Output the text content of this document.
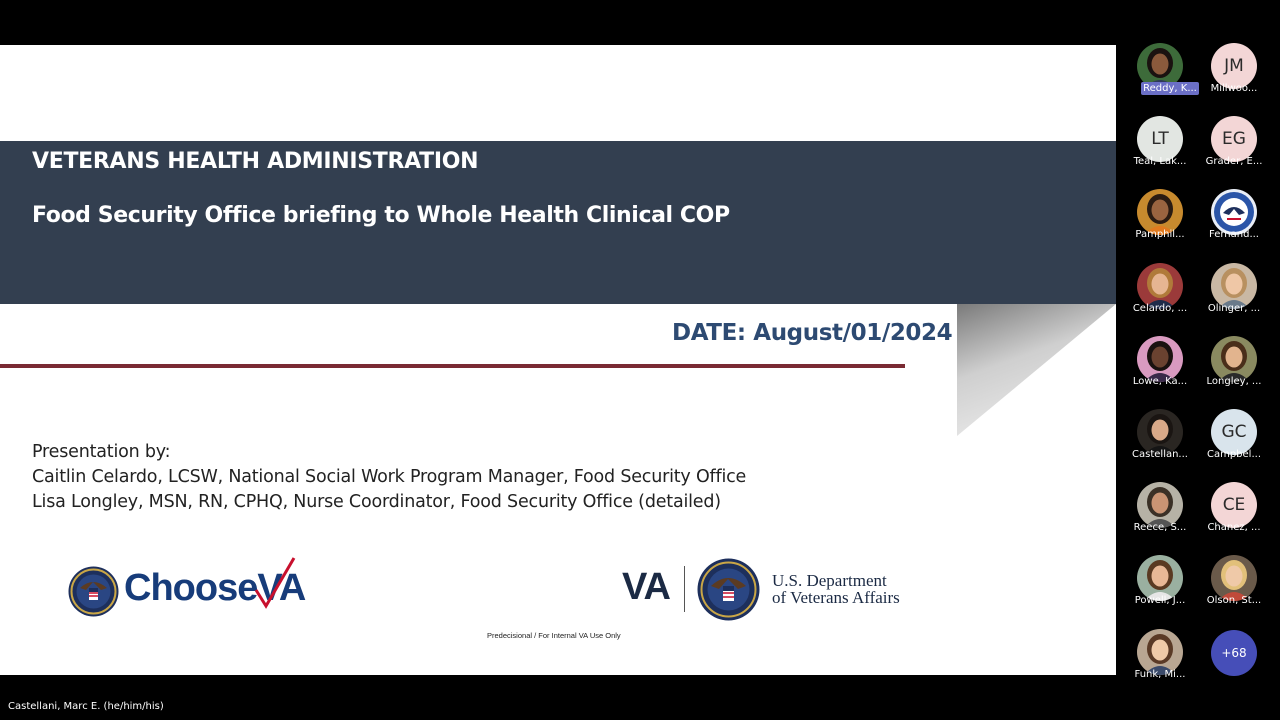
VETERANS HEALTH ADMINISTRATION
Food Security Office briefing to Whole Health Clinical COP
DATE: August/01/2024
Presentation by:
Caitlin Celardo, LCSW, National Social Work Program Manager, Food Security Office
Lisa Longley, MSN, RN, CPHQ, Nurse Coordinator, Food Security Office (detailed)
ChooseVA	VA	U.S. Department
of Veterans Affairs
Predecisional / For Internal VA Use Only
Reddy, K...
JM
Millwoo...
LT
Teal, Lak...
EG
Grader, E...
Pamphil...	Fernand...
Celardo, ...	Olinger, ...
Lowe, Ka...	Longley, ...
Castellan...
GC
Campbel...
Reece, S...
CE
Chanez, ...
Powell, J...	Olson, St...
Funk, Mi...
+68
Castellani, Marc E. (he/him/his)
